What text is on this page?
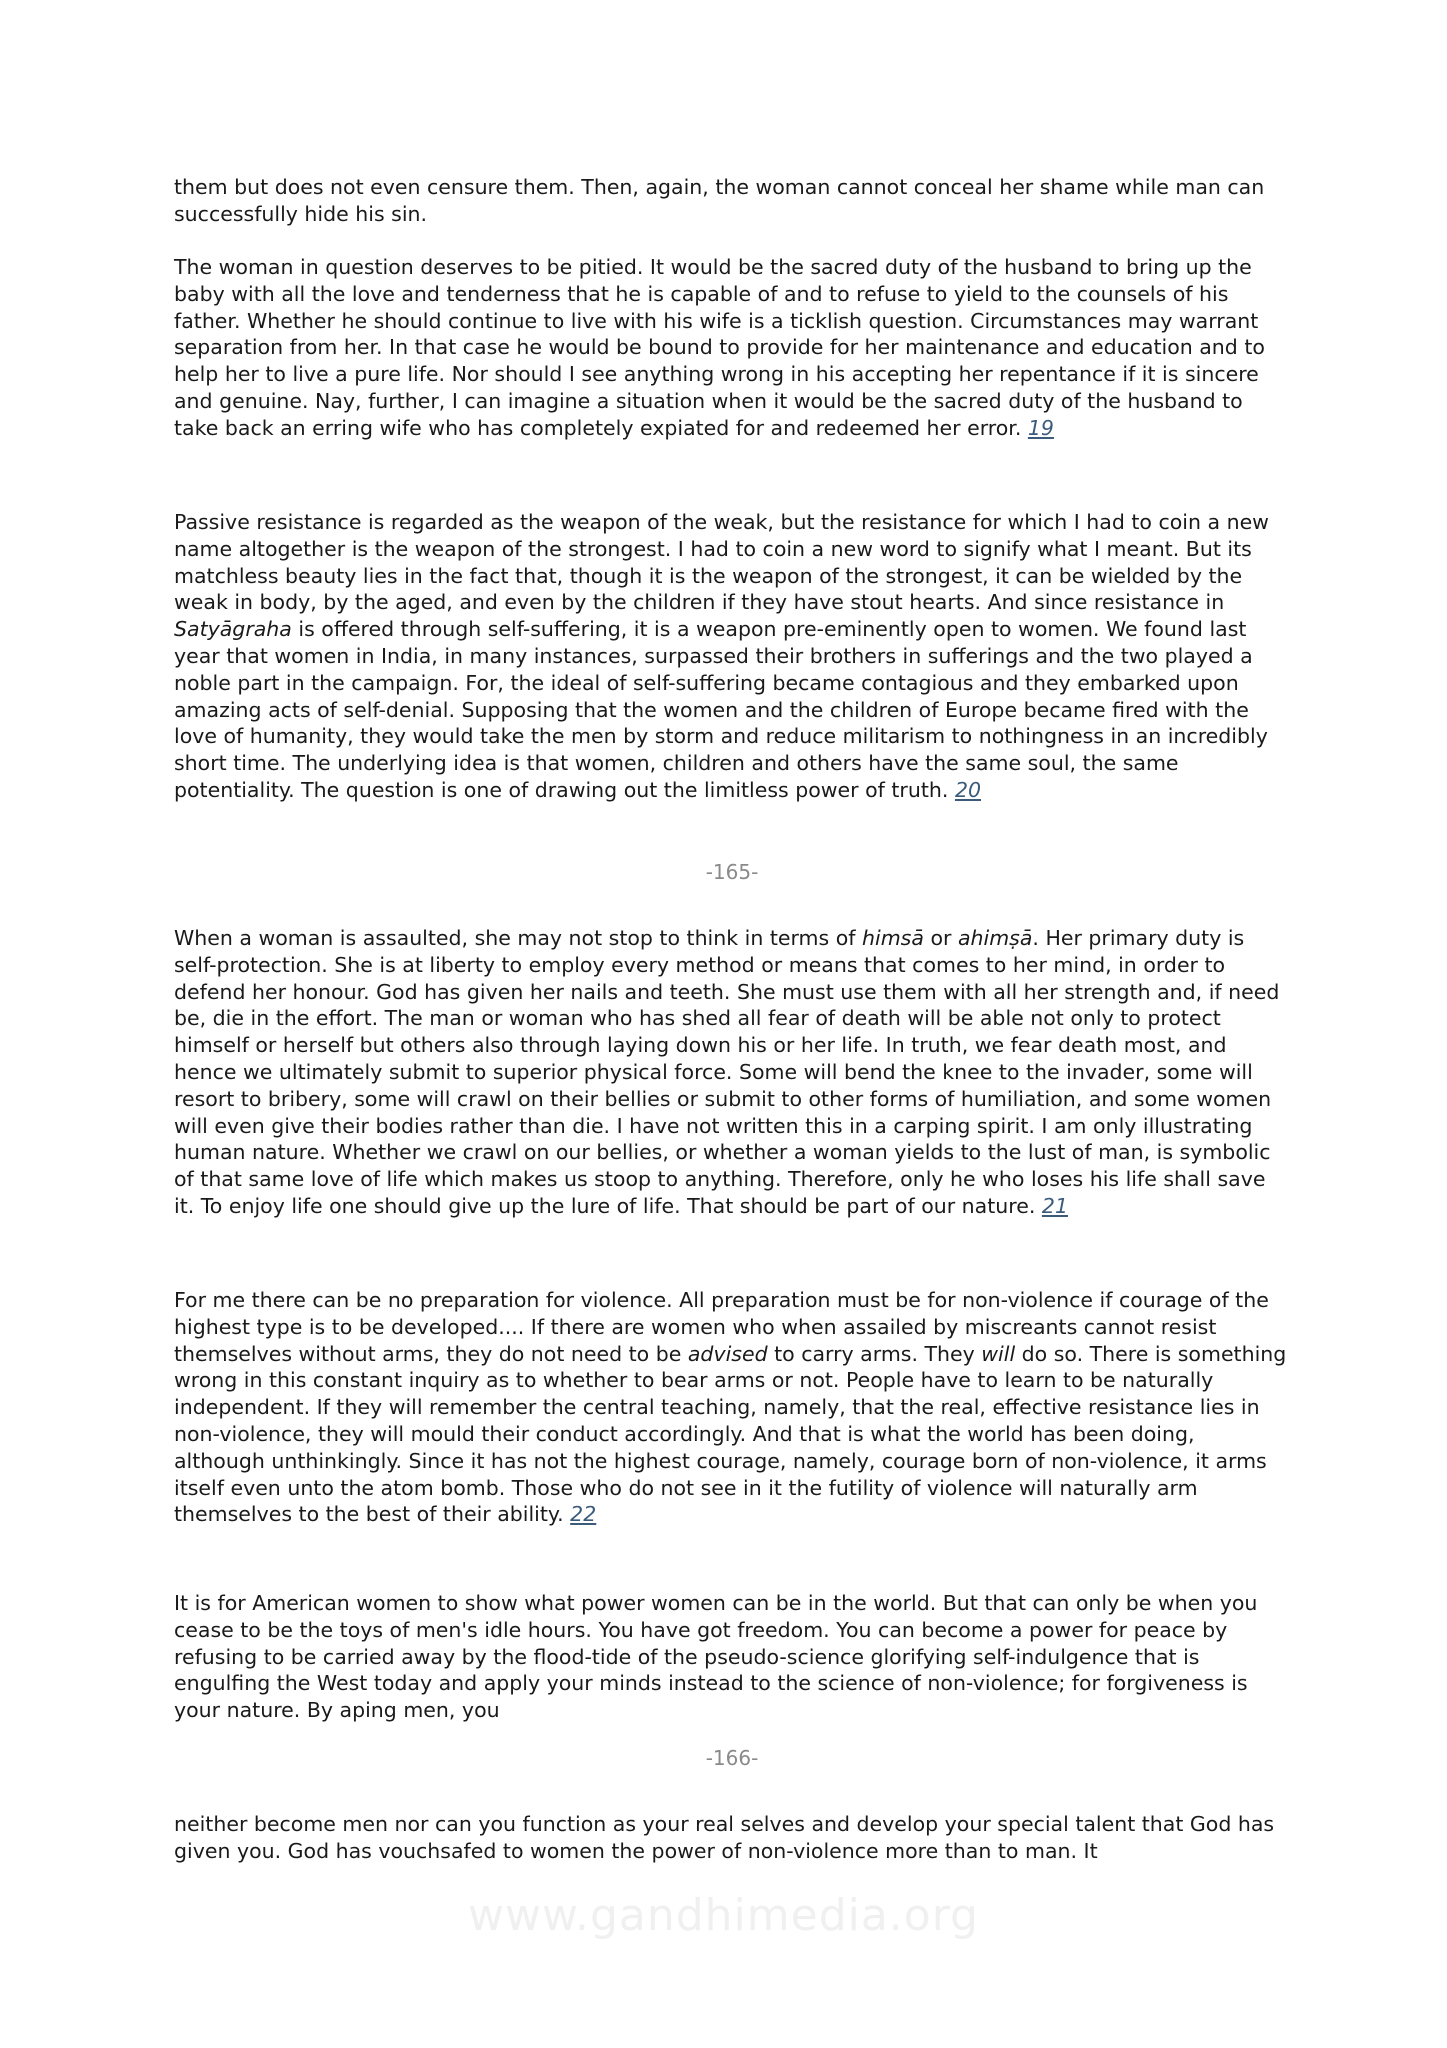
them but does not even censure them. Then, again, the woman cannot conceal her shame while man can successfully hide his sin.

The woman in question deserves to be pitied. It would be the sacred duty of the husband to bring up the baby with all the love and tenderness that he is capable of and to refuse to yield to the counsels of his father. Whether he should continue to live with his wife is a ticklish question. Circumstances may warrant separation from her. In that case he would be bound to provide for her maintenance and education and to help her to live a pure life. Nor should I see anything wrong in his accepting her repentance if it is sincere and genuine. Nay, further, I can imagine a situation when it would be the sacred duty of the husband to take back an erring wife who has completely expiated for and redeemed her error. 19

Passive resistance is regarded as the weapon of the weak, but the resistance for which I had to coin a new name altogether is the weapon of the strongest. I had to coin a new word to signify what I meant. But its matchless beauty lies in the fact that, though it is the weapon of the strongest, it can be wielded by the weak in body, by the aged, and even by the children if they have stout hearts. And since resistance in Satyāgraha is offered through self-suffering, it is a weapon pre-eminently open to women. We found last year that women in India, in many instances, surpassed their brothers in sufferings and the two played a noble part in the campaign. For, the ideal of self-suffering became contagious and they embarked upon amazing acts of self-denial. Supposing that the women and the children of Europe became fired with the love of humanity, they would take the men by storm and reduce militarism to nothingness in an incredibly short time. The underlying idea is that women, children and others have the same soul, the same potentiality. The question is one of drawing out the limitless power of truth. 20

-165-

When a woman is assaulted, she may not stop to think in terms of himsā or ahimṣā. Her primary duty is self-protection. She is at liberty to employ every method or means that comes to her mind, in order to defend her honour. God has given her nails and teeth. She must use them with all her strength and, if need be, die in the effort. The man or woman who has shed all fear of death will be able not only to protect himself or herself but others also through laying down his or her life. In truth, we fear death most, and hence we ultimately submit to superior physical force. Some will bend the knee to the invader, some will resort to bribery, some will crawl on their bellies or submit to other forms of humiliation, and some women will even give their bodies rather than die. I have not written this in a carping spirit. I am only illustrating human nature. Whether we crawl on our bellies, or whether a woman yields to the lust of man, is symbolic of that same love of life which makes us stoop to anything. Therefore, only he who loses his life shall save it. To enjoy life one should give up the lure of life. That should be part of our nature. 21

For me there can be no preparation for violence. All preparation must be for non-violence if courage of the highest type is to be developed.... If there are women who when assailed by miscreants cannot resist themselves without arms, they do not need to be advised to carry arms. They will do so. There is something wrong in this constant inquiry as to whether to bear arms or not. People have to learn to be naturally independent. If they will remember the central teaching, namely, that the real, effective resistance lies in non-violence, they will mould their conduct accordingly. And that is what the world has been doing, although unthinkingly. Since it has not the highest courage, namely, courage born of non-violence, it arms itself even unto the atom bomb. Those who do not see in it the futility of violence will naturally arm themselves to the best of their ability. 22

It is for American women to show what power women can be in the world. But that can only be when you cease to be the toys of men's idle hours. You have got freedom. You can become a power for peace by refusing to be carried away by the flood-tide of the pseudo-science glorifying self-indulgence that is engulfing the West today and apply your minds instead to the science of non-violence; for forgiveness is your nature. By aping men, you

-166-

neither become men nor can you function as your real selves and develop your special talent that God has given you. God has vouchsafed to women the power of non-violence more than to man. It

www.gandhimedia.org
